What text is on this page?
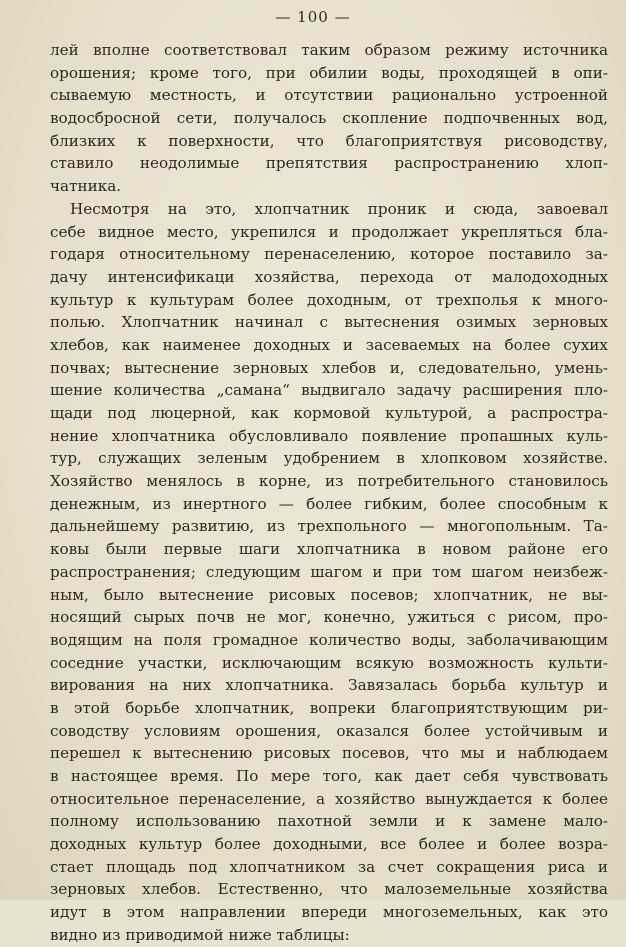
— 100 —
лей вполне соответствовал таким образом режиму источника
орошения; кроме того, при обилии воды, проходящей в опи-
сываемую местность, и отсутствии рационально устроенной
водосбросной сети, получалось скопление подпочвенных вод,
близких к поверхности, что благоприятствуя рисоводству,
ставило неодолимые препятствия распространению хлоп-
чатника.
Несмотря на это, хлопчатник проник и сюда, завоевал
себе видное место, укрепился и продолжает укрепляться бла-
годаря относительному перенаселению, которое поставило за-
дачу интенсификаци хозяйства, перехода от малодоходных
культур к культурам более доходным, от трехполья к много-
полью. Хлопчатник начинал с вытеснения озимых зерновых
хлебов, как наименее доходных и засеваемых на более сухих
почвах; вытеснение зерновых хлебов и, следовательно, умень-
шение количества „самана“ выдвигало задачу расширения пло-
щади под люцерной, как кормовой культурой, а распростра-
нение хлопчатника обусловливало появление пропашных куль-
тур, служащих зеленым удобрением в хлопковом хозяйстве.
Хозяйство менялось в корне, из потребительного становилось
денежным, из инертного — более гибким, более способным к
дальнейшему развитию, из трехпольного — многопольным. Та-
ковы были первые шаги хлопчатника в новом районе его
распространения; следующим шагом и при том шагом неизбеж-
ным, было вытеснение рисовых посевов; хлопчатник, не вы-
носящий сырых почв не мог, конечно, ужиться с рисом, про-
водящим на поля громадное количество воды, заболачивающим
соседние участки, исключающим всякую возможность культи-
вирования на них хлопчатника. Завязалась борьба культур и
в этой борьбе хлопчатник, вопреки благоприятствующим ри-
соводству условиям орошения, оказался более устойчивым и
перешел к вытеснению рисовых посевов, что мы и наблюдаем
в настоящее время. По мере того, как дает себя чувствовать
относительное перенаселение, а хозяйство вынуждается к более
полному использованию пахотной земли и к замене мало-
доходных культур более доходными, все более и более возра-
стает площадь под хлопчатником за счет сокращения риса и
зерновых хлебов. Естественно, что малоземельные хозяйства
идут в этом направлении впереди многоземельных, как это
видно из приводимой ниже таблицы:
